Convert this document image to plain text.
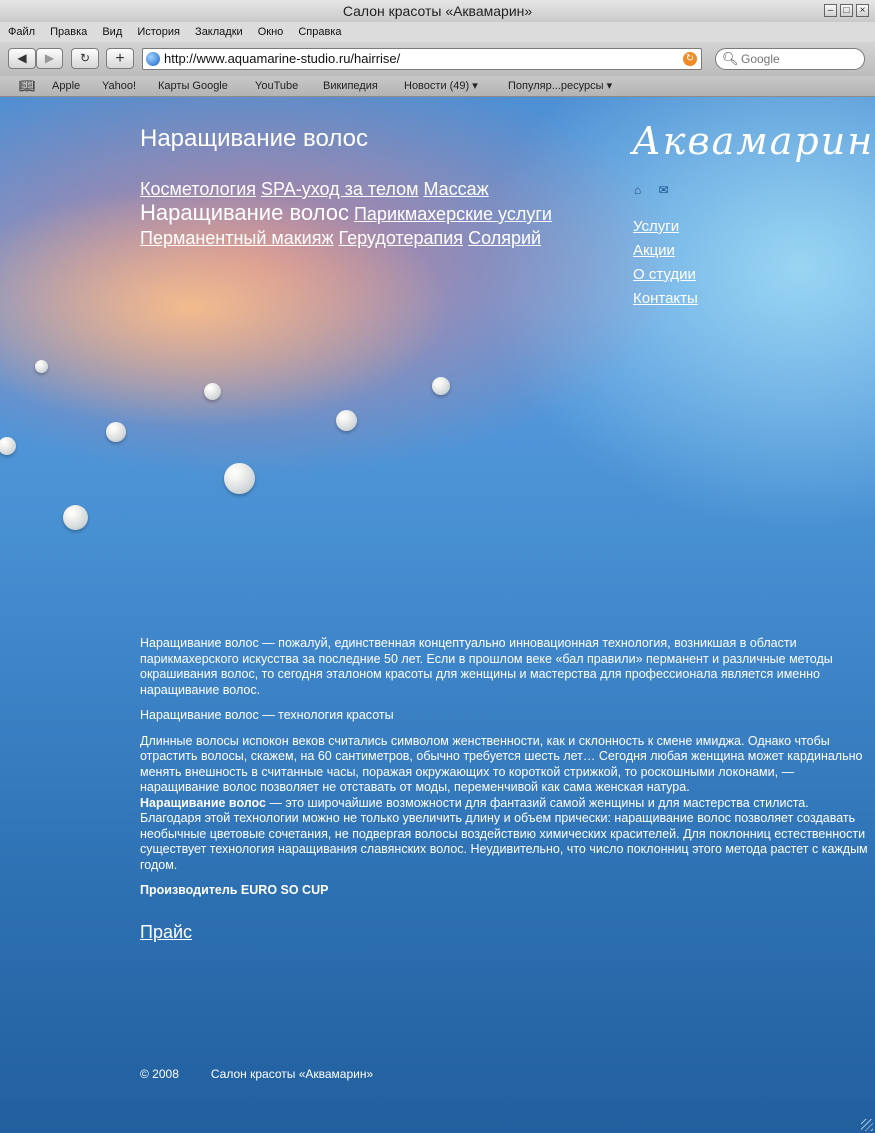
Салон красоты «Аквамарин»	–	□	×
Файл Правка Вид История Закладки Окно Справка
◀	▶	↻	+	http://www.aquamarine-studio.ru/hairrise/	↻ 🔍︎
Google
📖︎ Apple Yahoo! Карты Google YouTube Википедия Новости (49) ▾	Популяр...ресурсы ▾
Наращивание волос	Аквамарин
Косметология SPA-уход за телом Массаж
Наращивание волос Парикмахерские услуги
Перманентный макияж Герудотерапия Солярий
⌂ ✉
Услуги
Акции
О студии
Контакты

Наращивание волос — пожалуй, единственная концептуально инновационная технология, возникшая в области парикмахерского искусства за последние 50 лет. Если в прошлом веке «бал правили» перманент и различные методы окрашивания волос, то сегодня эталоном красоты для женщины и мастерства для профессионала является именно наращивание волос.

Наращивание волос — технология красоты

Длинные волосы испокон веков считались символом женственности, как и склонность к смене имиджа. Однако чтобы отрастить волосы, скажем, на 60 сантиметров, обычно требуется шесть лет… Сегодня любая женщина может кардинально менять внешность в считанные часы, поражая окружающих то короткой стрижкой, то роскошными локонами, — наращивание волос позволяет не отставать от моды, переменчивой как сама женская натура.
Наращивание волос — это широчайшие возможности для фантазий самой женщины и для мастерства стилиста. Благодаря этой технологии можно не только увеличить длину и объем прически: наращивание волос позволяет создавать необычные цветовые сочетания, не подвергая волосы воздействию химических красителей. Для поклонниц естественности существует технология наращивания славянских волос. Неудивительно, что число поклонниц этого метода растет с каждым годом.

Производитель EURO SO CUP

Прайс
© 2008	Салон красоты «Аквамарин»
